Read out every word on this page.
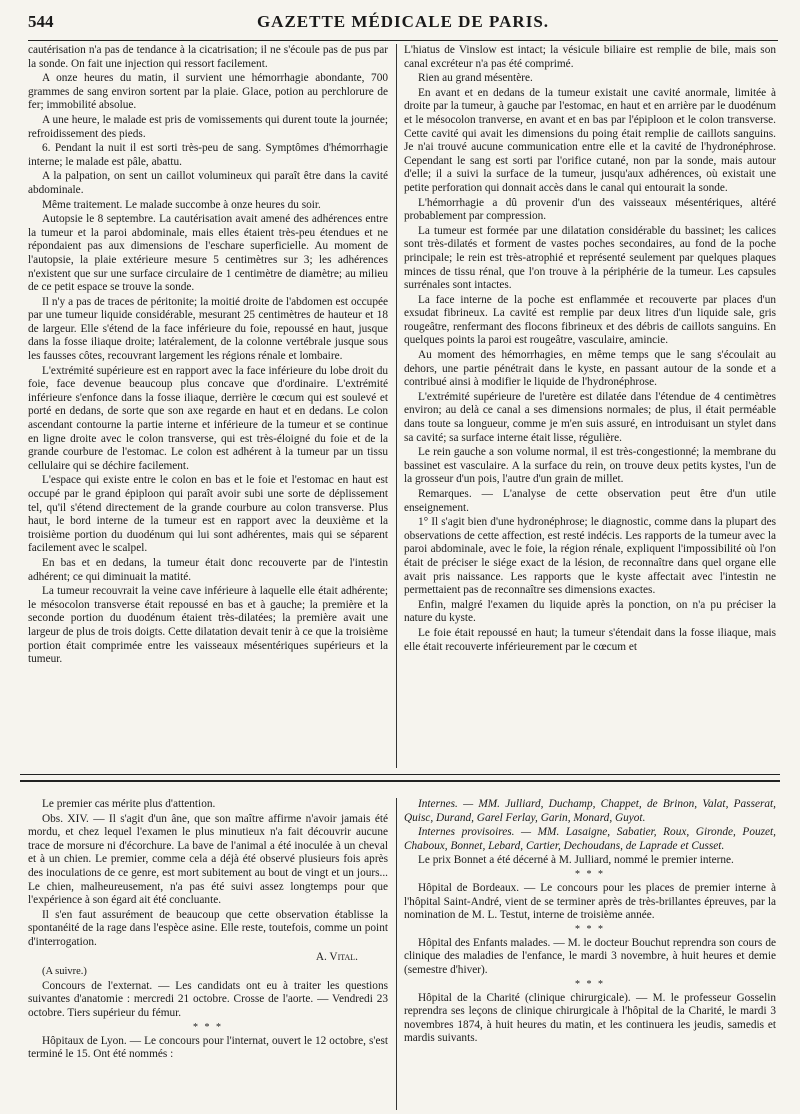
544	GAZETTE MÉDICALE DE PARIS.

cautérisation n'a pas de tendance à la cicatrisation; il ne s'écoule pas de pus par la sonde. On fait une injection qui ressort facilement.

A onze heures du matin, il survient une hémorrhagie abondante, 700 grammes de sang environ sortent par la plaie. Glace, potion au perchlorure de fer; immobilité absolue.

A une heure, le malade est pris de vomissements qui durent toute la journée; refroidissement des pieds.

6. Pendant la nuit il est sorti très-peu de sang. Symptômes d'hémorrhagie interne; le malade est pâle, abattu.

A la palpation, on sent un caillot volumineux qui paraît être dans la cavité abdominale.

Même traitement. Le malade succombe à onze heures du soir.

Autopsie le 8 septembre. La cautérisation avait amené des adhérences entre la tumeur et la paroi abdominale, mais elles étaient très-peu étendues et ne répondaient pas aux dimensions de l'eschare superficielle. Au moment de l'autopsie, la plaie extérieure mesure 5 centimètres sur 3; les adhérences n'existent que sur une surface circulaire de 1 centimètre de diamètre; au milieu de ce petit espace se trouve la sonde.

Il n'y a pas de traces de péritonite; la moitié droite de l'abdomen est occupée par une tumeur liquide considérable, mesurant 25 centimètres de hauteur et 18 de largeur. Elle s'étend de la face inférieure du foie, repoussé en haut, jusque dans la fosse iliaque droite; latéralement, de la colonne vertébrale jusque sous les fausses côtes, recouvrant largement les régions rénale et lombaire.

L'extrémité supérieure est en rapport avec la face inférieure du lobe droit du foie, face devenue beaucoup plus concave que d'ordinaire. L'extrémité inférieure s'enfonce dans la fosse iliaque, derrière le cœcum qui est soulevé et porté en dedans, de sorte que son axe regarde en haut et en dedans. Le colon ascendant contourne la partie interne et inférieure de la tumeur et se continue en ligne droite avec le colon transverse, qui est très-éloigné du foie et de la grande courbure de l'estomac. Le colon est adhérent à la tumeur par un tissu cellulaire qui se déchire facilement.

L'espace qui existe entre le colon en bas et le foie et l'estomac en haut est occupé par le grand épiploon qui paraît avoir subi une sorte de déplissement tel, qu'il s'étend directement de la grande courbure au colon transverse. Plus haut, le bord interne de la tumeur est en rapport avec la deuxième et la troisième portion du duodénum qui lui sont adhérentes, mais qui se séparent facilement avec le scalpel.

En bas et en dedans, la tumeur était donc recouverte par de l'intestin adhérent; ce qui diminuait la matité.

La tumeur recouvrait la veine cave inférieure à laquelle elle était adhérente; le mésocolon transverse était repoussé en bas et à gauche; la première et la seconde portion du duodénum étaient très-dilatées; la première avait une largeur de plus de trois doigts. Cette dilatation devait tenir à ce que la troisième portion était comprimée entre les vaisseaux mésentériques supérieurs et la tumeur.

L'hiatus de Vinslow est intact; la vésicule biliaire est remplie de bile, mais son canal excréteur n'a pas été comprimé.

Rien au grand mésentère.

En avant et en dedans de la tumeur existait une cavité anormale, limitée à droite par la tumeur, à gauche par l'estomac, en haut et en arrière par le duodénum et le mésocolon tranverse, en avant et en bas par l'épiploon et le colon transverse. Cette cavité qui avait les dimensions du poing était remplie de caillots sanguins. Je n'ai trouvé aucune communication entre elle et la cavité de l'hydronéphrose. Cependant le sang est sorti par l'orifice cutané, non par la sonde, mais autour d'elle; il a suivi la surface de la tumeur, jusqu'aux adhérences, où existait une petite perforation qui donnait accès dans le canal qui entourait la sonde.

L'hémorrhagie a dû provenir d'un des vaisseaux mésentériques, altéré probablement par compression.

La tumeur est formée par une dilatation considérable du bassinet; les calices sont très-dilatés et forment de vastes poches secondaires, au fond de la poche principale; le rein est très-atrophié et représenté seulement par quelques plaques minces de tissu rénal, que l'on trouve à la périphérie de la tumeur. Les capsules surrénales sont intactes.

La face interne de la poche est enflammée et recouverte par places d'un exsudat fibrineux. La cavité est remplie par deux litres d'un liquide sale, gris rougeâtre, renfermant des flocons fibrineux et des débris de caillots sanguins. En quelques points la paroi est rougeâtre, vasculaire, amincie.

Au moment des hémorrhagies, en même temps que le sang s'écoulait au dehors, une partie pénétrait dans le kyste, en passant autour de la sonde et a contribué ainsi à modifier le liquide de l'hydronéphrose.

L'extrémité supérieure de l'uretère est dilatée dans l'étendue de 4 centimètres environ; au delà ce canal a ses dimensions normales; de plus, il était perméable dans toute sa longueur, comme je m'en suis assuré, en introduisant un stylet dans sa cavité; sa surface interne était lisse, régulière.

Le rein gauche a son volume normal, il est très-congestionné; la membrane du bassinet est vasculaire. A la surface du rein, on trouve deux petits kystes, l'un de la grosseur d'un pois, l'autre d'un grain de millet.

Remarques. — L'analyse de cette observation peut être d'un utile enseignement.

1° Il s'agit bien d'une hydronéphrose; le diagnostic, comme dans la plupart des observations de cette affection, est resté indécis. Les rapports de la tumeur avec la paroi abdominale, avec le foie, la région rénale, expliquent l'impossibilité où l'on était de préciser le siége exact de la lésion, de reconnaître dans quel organe elle avait pris naissance. Les rapports que le kyste affectait avec l'intestin ne permettaient pas de reconnaître ses dimensions exactes.

Enfin, malgré l'examen du liquide après la ponction, on n'a pu préciser la nature du kyste.

Le foie était repoussé en haut; la tumeur s'étendait dans la fosse iliaque, mais elle était recouverte inférieurement par le cœcum et

Le premier cas mérite plus d'attention.

Obs. XIV. — Il s'agit d'un âne, que son maître affirme n'avoir jamais été mordu, et chez lequel l'examen le plus minutieux n'a fait découvrir aucune trace de morsure ni d'écorchure. La bave de l'animal a été inoculée à un cheval et à un chien. Le premier, comme cela a déjà été observé plusieurs fois après des inoculations de ce genre, est mort subitement au bout de vingt et un jours... Le chien, malheureusement, n'a pas été suivi assez longtemps pour que l'expérience à son égard ait été concluante.

Il s'en faut assurément de beaucoup que cette observation établisse la spontanéité de la rage dans l'espèce asine. Elle reste, toutefois, comme un point d'interrogation.

A. Vital.

(A suivre.)

Concours de l'externat. — Les candidats ont eu à traiter les questions suivantes d'anatomie : mercredi 21 octobre. Crosse de l'aorte. — Vendredi 23 octobre. Tiers supérieur du fémur.

* * *

Hôpitaux de Lyon. — Le concours pour l'internat, ouvert le 12 octobre, s'est terminé le 15. Ont été nommés :

Internes. — MM. Julliard, Duchamp, Chappet, de Brinon, Valat, Passerat, Quisc, Durand, Garel Ferlay, Garin, Monard, Guyot.

Internes provisoires. — MM. Lasaigne, Sabatier, Roux, Gironde, Pouzet, Chaboux, Bonnet, Lebard, Cartier, Dechoudans, de Laprade et Cusset.

Le prix Bonnet a été décerné à M. Julliard, nommé le premier interne.

* * *

Hôpital de Bordeaux. — Le concours pour les places de premier interne à l'hôpital Saint-André, vient de se terminer après de très-brillantes épreuves, par la nomination de M. L. Testut, interne de troisième année.

* * *

Hôpital des Enfants malades. — M. le docteur Bouchut reprendra son cours de clinique des maladies de l'enfance, le mardi 3 novembre, à huit heures et demie (semestre d'hiver).

* * *

Hôpital de la Charité (clinique chirurgicale). — M. le professeur Gosselin reprendra ses leçons de clinique chirurgicale à l'hôpital de la Charité, le mardi 3 novembres 1874, à huit heures du matin, et les continuera les jeudis, samedis et mardis suivants.
